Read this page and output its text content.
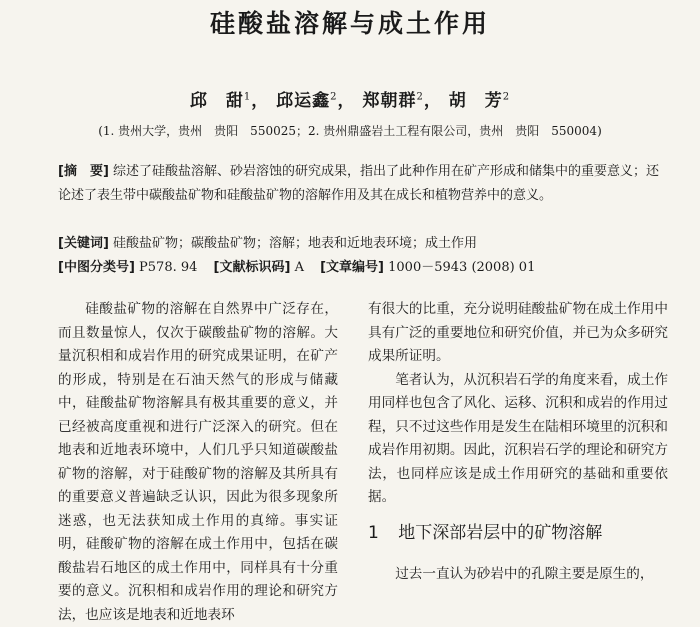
硅酸盐溶解与成土作用
邱　甜$^1$， 邱运鑫$^2$， 郑朝群$^2$， 胡　芳$^2$
(1. 贵州大学，贵州　贵阳　550025；2. 贵州鼎盛岩土工程有限公司，贵州　贵阳　550004)
[摘　要] 综述了硅酸盐溶解、砂岩溶蚀的研究成果，指出了此种作用在矿产形成和储集中的重要意义；还论述了表生带中碳酸盐矿物和硅酸盐矿物的溶解作用及其在成长和植物营养中的意义。
[关键词] 硅酸盐矿物；碳酸盐矿物；溶解；地表和近地表环境；成土作用
[中图分类号] P578. 94 [文献标识码] A [文章编号] 1000－5943 (2008) 01

硅酸盐矿物的溶解在自然界中广泛存在，而且数量惊人，仅次于碳酸盐矿物的溶解。大量沉积相和成岩作用的研究成果证明，在矿产的形成，特别是在石油天然气的形成与储藏中，硅酸盐矿物溶解具有极其重要的意义，并已经被高度重视和进行广泛深入的研究。但在地表和近地表环境中，人们几乎只知道碳酸盐矿物的溶解，对于硅酸矿物的溶解及其所具有的重要意义普遍缺乏认识，因此为很多现象所迷惑，也无法获知成土作用的真缔。事实证明，硅酸矿物的溶解在成土作用中，包括在碳酸盐岩石地区的成土作用中，同样具有十分重要的意义。沉积相和成岩作用的理论和研究方法，也应该是地表和近地表环

有很大的比重，充分说明硅酸盐矿物在成土作用中具有广泛的重要地位和研究价值，并已为众多研究成果所证明。

笔者认为，从沉积岩石学的角度来看，成土作用同样也包含了风化、运移、沉积和成岩的作用过程，只不过这些作用是发生在陆相环境里的沉积和成岩作用初期。因此，沉积岩石学的理论和研究方法，也同样应该是成土作用研究的基础和重要依据。

1 地下深部岩层中的矿物溶解
过去一直认为砂岩中的孔隙主要是原生的，
